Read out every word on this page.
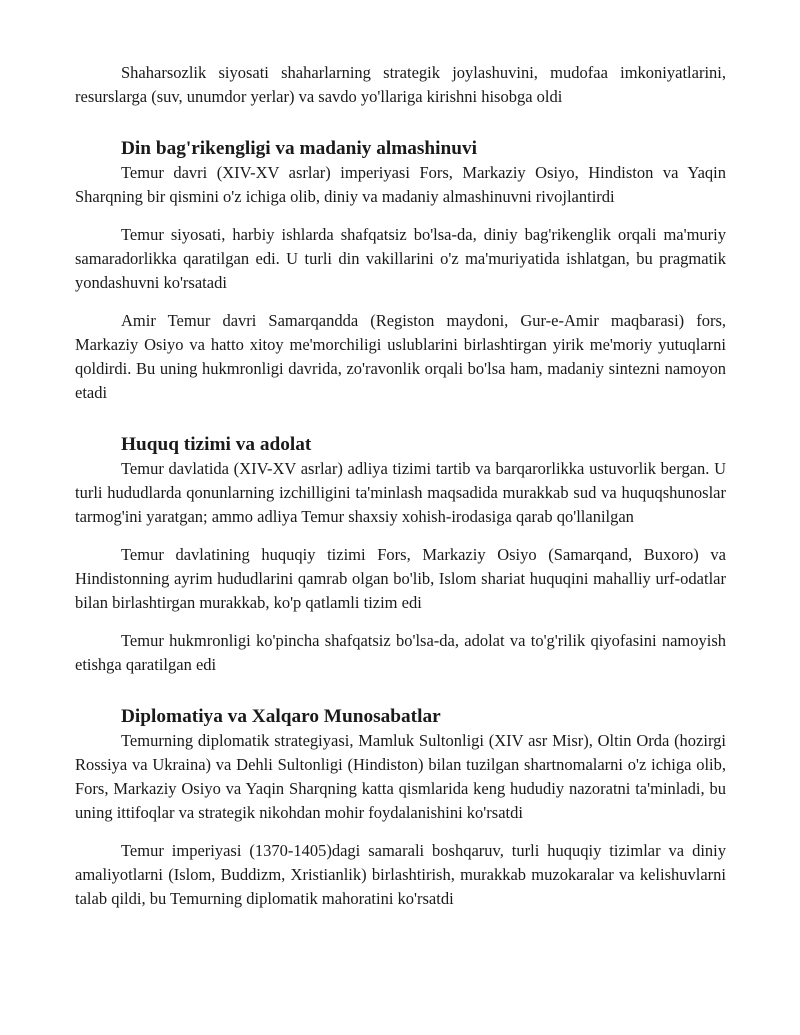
Shaharsozlik siyosati shaharlarning strategik joylashuvini, mudofaa imkoniyatlarini, resurslarga (suv, unumdor yerlar) va savdo yo'llariga kirishni hisobga oldi

Din bag'rikengligi va madaniy almashinuvi

Temur davri (XIV-XV asrlar) imperiyasi Fors, Markaziy Osiyo, Hindiston va Yaqin Sharqning bir qismini o'z ichiga olib, diniy va madaniy almashinuvni rivojlantirdi

Temur siyosati, harbiy ishlarda shafqatsiz bo'lsa-da, diniy bag'rikenglik orqali ma'muriy samaradorlikka qaratilgan edi. U turli din vakillarini o'z ma'muriyatida ishlatgan, bu pragmatik yondashuvni ko'rsatadi

Amir Temur davri Samarqandda (Registon maydoni, Gur-e-Amir maqbarasi) fors, Markaziy Osiyo va hatto xitoy me'morchiligi uslublarini birlashtirgan yirik me'moriy yutuqlarni qoldirdi. Bu uning hukmronligi davrida, zo'ravonlik orqali bo'lsa ham, madaniy sintezni namoyon etadi

Huquq tizimi va adolat

Temur davlatida (XIV-XV asrlar) adliya tizimi tartib va barqarorlikka ustuvorlik bergan. U turli hududlarda qonunlarning izchilligini ta'minlash maqsadida murakkab sud va huquqshunoslar tarmog'ini yaratgan; ammo adliya Temur shaxsiy xohish-irodasiga qarab qo'llanilgan

Temur davlatining huquqiy tizimi Fors, Markaziy Osiyo (Samarqand, Buxoro) va Hindistonning ayrim hududlarini qamrab olgan bo'lib, Islom shariat huquqini mahalliy urf-odatlar bilan birlashtirgan murakkab, ko'p qatlamli tizim edi

Temur hukmronligi ko'pincha shafqatsiz bo'lsa-da, adolat va to'g'rilik qiyofasini namoyish etishga qaratilgan edi

Diplomatiya va Xalqaro Munosabatlar

Temurning diplomatik strategiyasi, Mamluk Sultonligi (XIV asr Misr), Oltin Orda (hozirgi Rossiya va Ukraina) va Dehli Sultonligi (Hindiston) bilan tuzilgan shartnomalarni o'z ichiga olib, Fors, Markaziy Osiyo va Yaqin Sharqning katta qismlarida keng hududiy nazoratni ta'minladi, bu uning ittifoqlar va strategik nikohdan mohir foydalanishini ko'rsatdi

Temur imperiyasi (1370-1405)dagi samarali boshqaruv, turli huquqiy tizimlar va diniy amaliyotlarni (Islom, Buddizm, Xristianlik) birlashtirish, murakkab muzokaralar va kelishuvlarni talab qildi, bu Temurning diplomatik mahoratini ko'rsatdi
